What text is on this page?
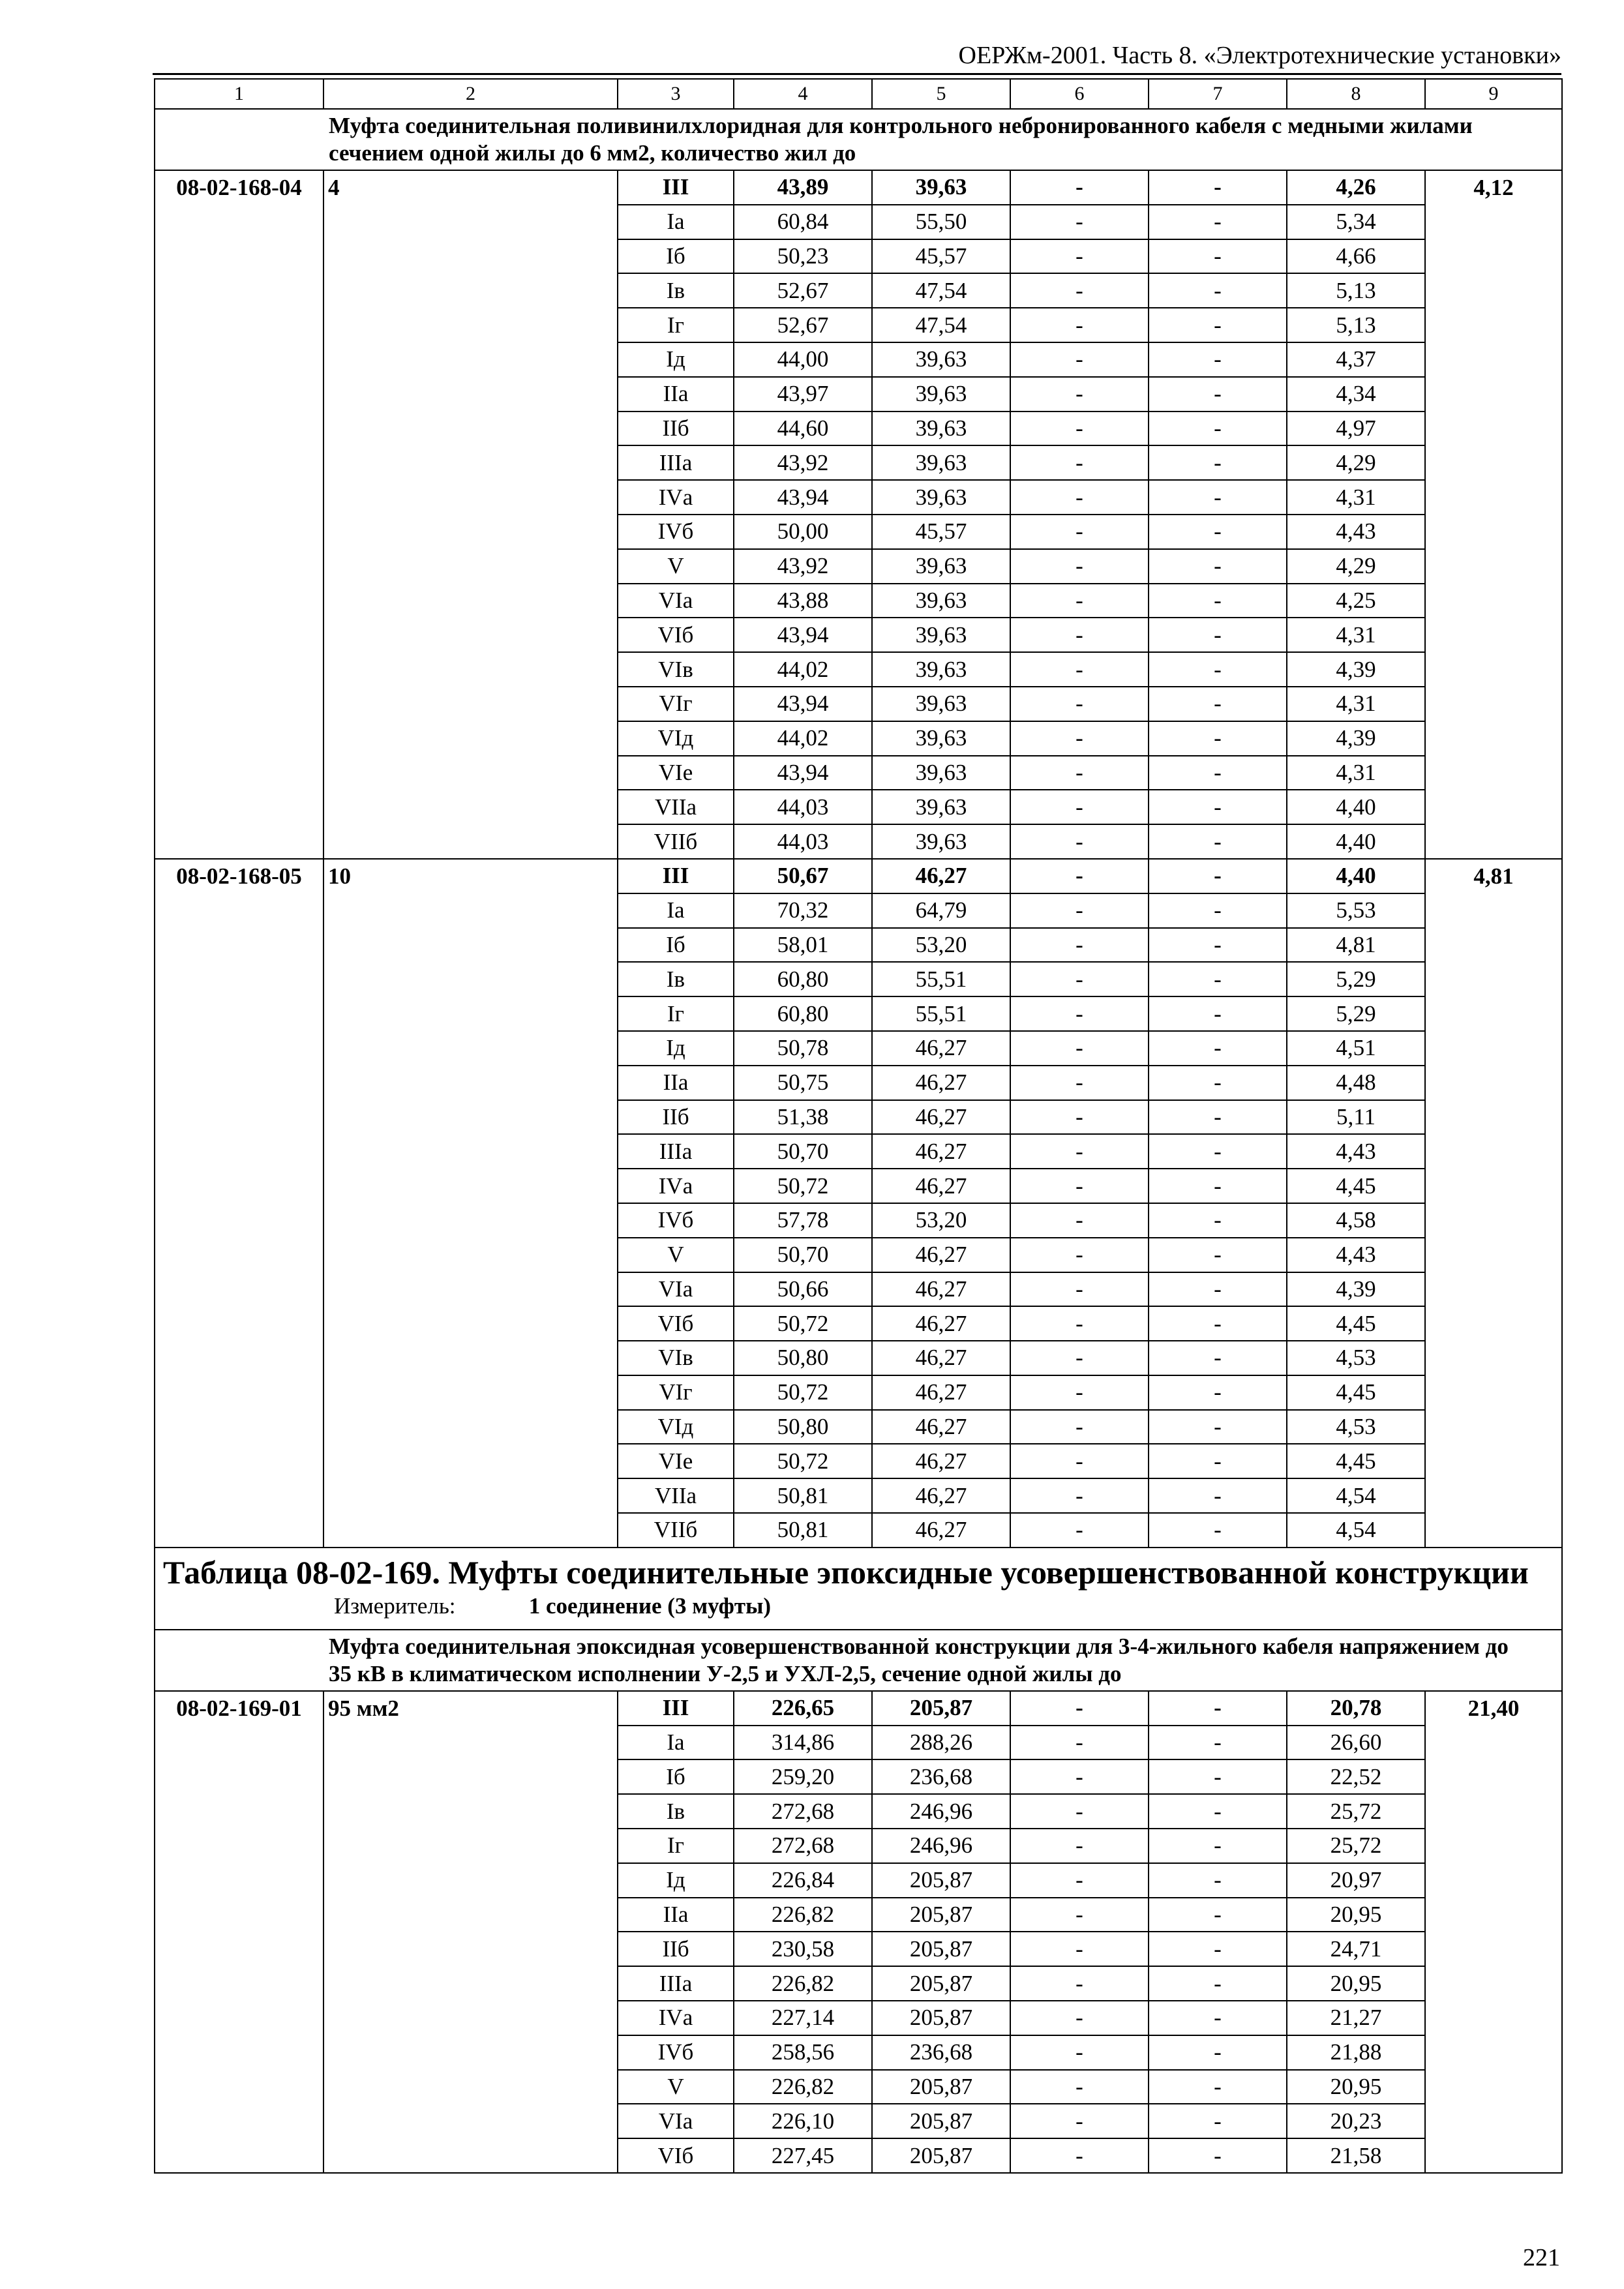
ОЕРЖм-2001. Часть 8. «Электротехнические установки»
1	2	3	4	5	6	7	8	9
Муфта соединительная поливинилхлоридная для контрольного небронированного кабеля с медными жилами сечением одной жилы до 6 мм2, количество жил до								
08-02-168-04	4	III	43,89	39,63	-	-	4,26	4,12
		Iа	60,84	55,50	-	-	5,34	
		Iб	50,23	45,57	-	-	4,66	
		Iв	52,67	47,54	-	-	5,13	
		Iг	52,67	47,54	-	-	5,13	
		Iд	44,00	39,63	-	-	4,37	
		IIа	43,97	39,63	-	-	4,34	
		IIб	44,60	39,63	-	-	4,97	
		IIIа	43,92	39,63	-	-	4,29	
		IVа	43,94	39,63	-	-	4,31	
		IVб	50,00	45,57	-	-	4,43	
		V	43,92	39,63	-	-	4,29	
		VIа	43,88	39,63	-	-	4,25	
		VIб	43,94	39,63	-	-	4,31	
		VIв	44,02	39,63	-	-	4,39	
		VIг	43,94	39,63	-	-	4,31	
		VIд	44,02	39,63	-	-	4,39	
		VIе	43,94	39,63	-	-	4,31	
		VIIа	44,03	39,63	-	-	4,40	
		VIIб	44,03	39,63	-	-	4,40	
08-02-168-05	10	III	50,67	46,27	-	-	4,40	4,81
		Iа	70,32	64,79	-	-	5,53	
		Iб	58,01	53,20	-	-	4,81	
		Iв	60,80	55,51	-	-	5,29	
		Iг	60,80	55,51	-	-	5,29	
		Iд	50,78	46,27	-	-	4,51	
		IIа	50,75	46,27	-	-	4,48	
		IIб	51,38	46,27	-	-	5,11	
		IIIа	50,70	46,27	-	-	4,43	
		IVа	50,72	46,27	-	-	4,45	
		IVб	57,78	53,20	-	-	4,58	
		V	50,70	46,27	-	-	4,43	
		VIа	50,66	46,27	-	-	4,39	
		VIб	50,72	46,27	-	-	4,45	
		VIв	50,80	46,27	-	-	4,53	
		VIг	50,72	46,27	-	-	4,45	
		VIд	50,80	46,27	-	-	4,53	
		VIе	50,72	46,27	-	-	4,45	
		VIIа	50,81	46,27	-	-	4,54	
		VIIб	50,81	46,27	-	-	4,54	

Таблица 08-02-169. Муфты соединительные эпоксидные усовершенствованной конструкции
Измеритель: 1 соединение (3 муфты)								

Муфта соединительная эпоксидная усовершенствованной конструкции для 3-4-жильного кабеля напряжением до 35 кВ в климатическом исполнении У-2,5 и УХЛ-2,5, сечение одной жилы до								
08-02-169-01	95 мм2	III	226,65	205,87	-	-	20,78	21,40
		Iа	314,86	288,26	-	-	26,60	
		Iб	259,20	236,68	-	-	22,52	
		Iв	272,68	246,96	-	-	25,72	
		Iг	272,68	246,96	-	-	25,72	
		Iд	226,84	205,87	-	-	20,97	
		IIа	226,82	205,87	-	-	20,95	
		IIб	230,58	205,87	-	-	24,71	
		IIIа	226,82	205,87	-	-	20,95	
		IVа	227,14	205,87	-	-	21,27	
		IVб	258,56	236,68	-	-	21,88	
		V	226,82	205,87	-	-	20,95	
		VIа	226,10	205,87	-	-	20,23	
		VIб	227,45	205,87	-	-	21,58	
221
